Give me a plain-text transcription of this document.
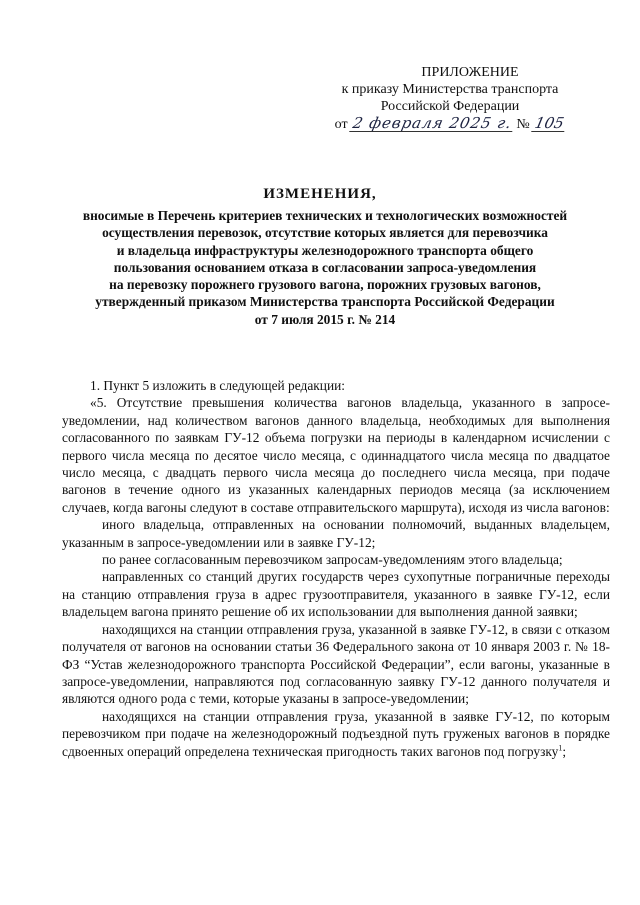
ПРИЛОЖЕНИЕ
к приказу Министерства транспорта
Российской Федерации
от 2 февраля 2025 г. № 105
ИЗМЕНЕНИЯ,
вносимые в Перечень критериев технических и технологических возможностей
осуществления перевозок, отсутствие которых является для перевозчика
и владельца инфраструктуры железнодорожного транспорта общего
пользования основанием отказа в согласовании запроса-уведомления
на перевозку порожнего грузового вагона, порожних грузовых вагонов,
утвержденный приказом Министерства транспорта Российской Федерации
от 7 июля 2015 г. № 214

1. Пункт 5 изложить в следующей редакции:

«5. Отсутствие превышения количества вагонов владельца, указанного в запросе-уведомлении, над количеством вагонов данного владельца, необходимых для выполнения согласованного по заявкам ГУ-12 объема погрузки на периоды в календарном исчислении с первого числа месяца по десятое число месяца, с одиннадцатого числа месяца по двадцатое число месяца, с двадцать первого числа месяца до последнего числа месяца, при подаче вагонов в течение одного из указанных календарных периодов месяца (за исключением случаев, когда вагоны следуют в составе отправительского маршрута), исходя из числа вагонов:

иного владельца, отправленных на основании полномочий, выданных владельцем, указанным в запросе-уведомлении или в заявке ГУ-12;

по ранее согласованным перевозчиком запросам-уведомлениям этого владельца;

направленных со станций других государств через сухопутные пограничные переходы на станцию отправления груза в адрес грузоотправителя, указанного в заявке ГУ-12, если владельцем вагона принято решение об их использовании для выполнения данной заявки;

находящихся на станции отправления груза, указанной в заявке ГУ-12, в связи с отказом получателя от вагонов на основании статьи 36 Федерального закона от 10 января 2003 г. № 18-ФЗ “Устав железнодорожного транспорта Российской Федерации”, если вагоны, указанные в запросе-уведомлении, направляются под согласованную заявку ГУ-12 данного получателя и являются одного рода с теми, которые указаны в запросе-уведомлении;

находящихся на станции отправления груза, указанной в заявке ГУ-12, по которым перевозчиком при подаче на железнодорожный подъездной путь груженых вагонов в порядке сдвоенных операций определена техническая пригодность таких вагонов под погрузку$^1$;
